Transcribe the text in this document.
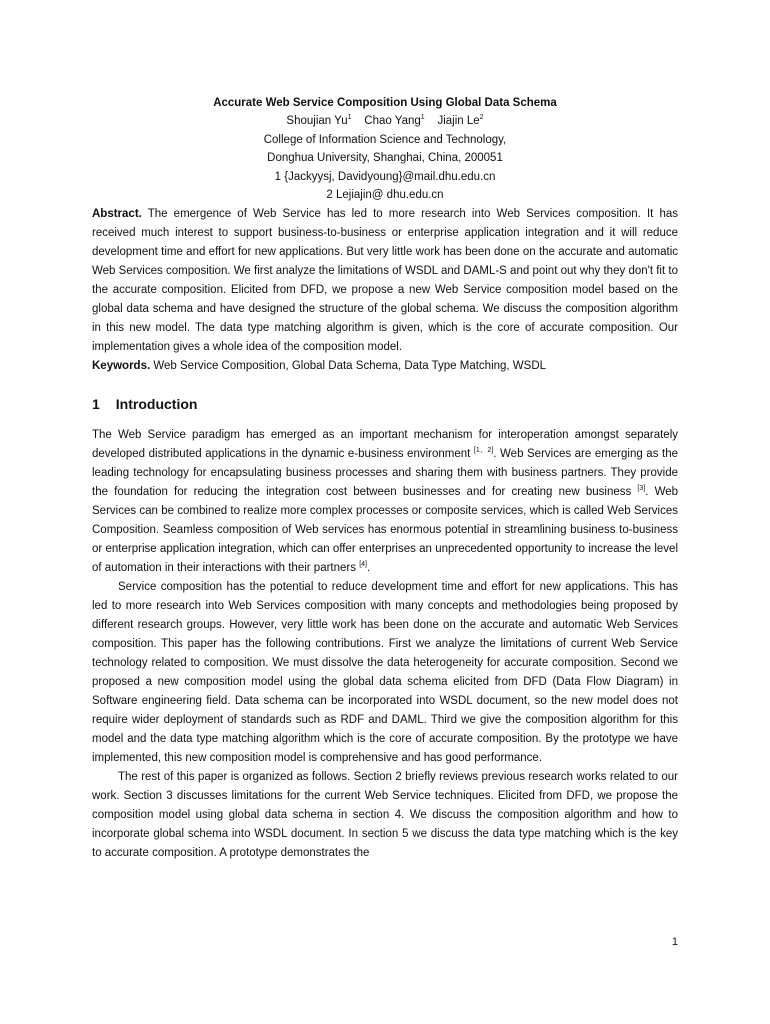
Accurate Web Service Composition Using Global Data Schema
Shoujian Yu$^1$ Chao Yang$^1$ Jiajin Le$^2$
College of Information Science and Technology,
Donghua University, Shanghai, China, 200051
1 {Jackyysj, Davidyoung}@mail.dhu.edu.cn
2 Lejiajin@ dhu.edu.cn

Abstract. The emergence of Web Service has led to more research into Web Services composition. It has received much interest to support business-to-business or enterprise application integration and it will reduce development time and effort for new applications. But very little work has been done on the accurate and automatic Web Services composition. We first analyze the limitations of WSDL and DAML-S and point out why they don't fit to the accurate composition. Elicited from DFD, we propose a new Web Service composition model based on the global data schema and have designed the structure of the global schema. We discuss the composition algorithm in this new model. The data type matching algorithm is given, which is the core of accurate composition. Our implementation gives a whole idea of the composition model.

Keywords. Web Service Composition, Global Data Schema, Data Type Matching, WSDL

1 Introduction

The Web Service paradigm has emerged as an important mechanism for interoperation amongst separately developed distributed applications in the dynamic e-business environment [1、2]. Web Services are emerging as the leading technology for encapsulating business processes and sharing them with business partners. They provide the foundation for reducing the integration cost between businesses and for creating new business [3]. Web Services can be combined to realize more complex processes or composite services, which is called Web Services Composition. Seamless composition of Web services has enormous potential in streamlining business to-business or enterprise application integration, which can offer enterprises an unprecedented opportunity to increase the level of automation in their interactions with their partners [4].

Service composition has the potential to reduce development time and effort for new applications. This has led to more research into Web Services composition with many concepts and methodologies being proposed by different research groups. However, very little work has been done on the accurate and automatic Web Services composition. This paper has the following contributions. First we analyze the limitations of current Web Service technology related to composition. We must dissolve the data heterogeneity for accurate composition. Second we proposed a new composition model using the global data schema elicited from DFD (Data Flow Diagram) in Software engineering field. Data schema can be incorporated into WSDL document, so the new model does not require wider deployment of standards such as RDF and DAML. Third we give the composition algorithm for this model and the data type matching algorithm which is the core of accurate composition. By the prototype we have implemented, this new composition model is comprehensive and has good performance.

The rest of this paper is organized as follows. Section 2 briefly reviews previous research works related to our work. Section 3 discusses limitations for the current Web Service techniques. Elicited from DFD, we propose the composition model using global data schema in section 4. We discuss the composition algorithm and how to incorporate global schema into WSDL document. In section 5 we discuss the data type matching which is the key to accurate composition. A prototype demonstrates the

1
